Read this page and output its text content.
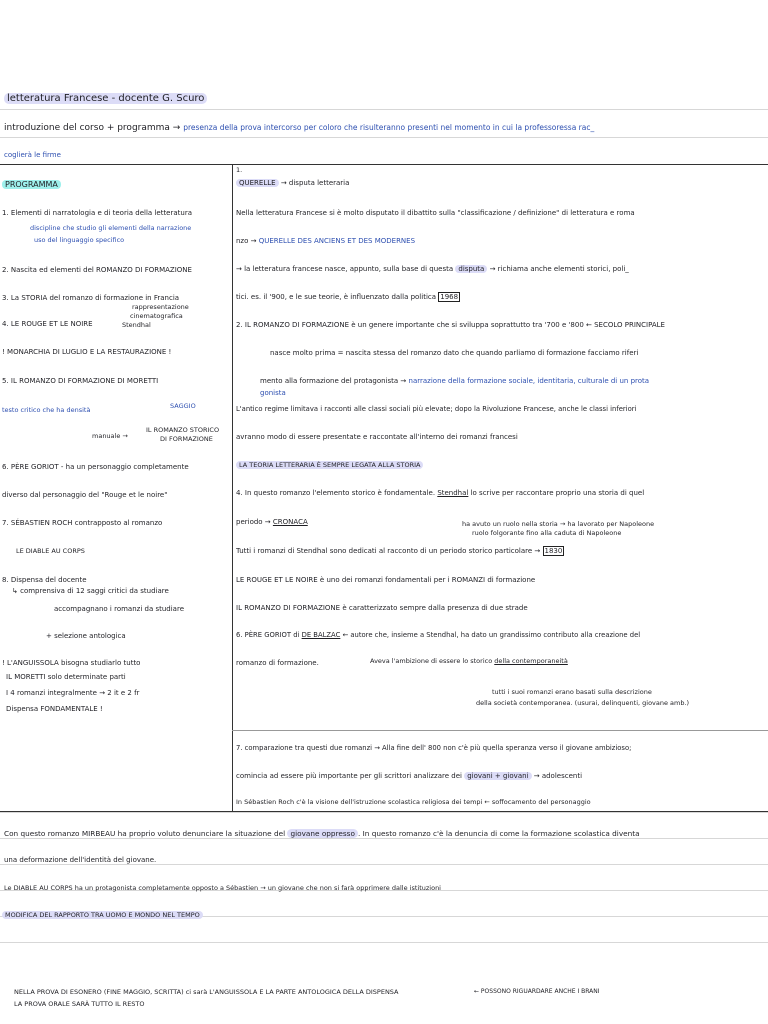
letteratura Francese - docente G. Scuro
introduzione del corso + programma → presenza della prova intercorso per coloro che risulteranno presenti nel momento in cui la professoressa rac_
coglierà le firme
PROGRAMMA
1. Elementi di narratologia e di teoria della letteratura
discipline che studio gli elementi della narrazione
uso del linguaggio specifico
2. Nascita ed elementi del ROMANZO DI FORMAZIONE
3. La STORIA del romanzo di formazione in Francia
rappresentazione
cinematografica
Stendhal
4. LE ROUGE ET LE NOIRE
! MONARCHIA DI LUGLIO E LA RESTAURAZIONE !
5. IL ROMANZO DI FORMAZIONE DI MORETTI
testo critico che ha densità	SAGGIO
manuale →
IL ROMANZO STORICO
DI FORMAZIONE
6. PÈRE GORIOT - ha un personaggio completamente
diverso dal personaggio del "Rouge et le noire"
7. SÉBASTIEN ROCH contrapposto al romanzo
LE DIABLE AU CORPS
8. Dispensa del docente
↳ comprensiva di 12 saggi critici da studiare
accompagnano i romanzi da studiare
+ selezione antologica
! L'ANGUISSOLA bisogna studiarlo tutto
IL MORETTI solo determinate parti
I 4 romanzi integralmente → 2 it e 2 fr
Dispensa FONDAMENTALE !
1.
QUERELLE → disputa letteraria
Nella letteratura Francese si è molto disputato il dibattito sulla "classificazione / definizione" di letteratura e roma
nzo → QUERELLE DES ANCIENS ET DES MODERNES
→ la letteratura francese nasce, appunto, sulla base di questa disputa → richiama anche elementi storici, poli_
tici. es. il '900, e le sue teorie, è influenzato dalla politica 1968
2. IL ROMANZO DI FORMAZIONE è un genere importante che si sviluppa soprattutto tra '700 e '800 ← SECOLO PRINCIPALE
nasce molto prima = nascita stessa del romanzo dato che quando parliamo di formazione facciamo riferi
mento alla formazione del protagonista → narrazione della formazione sociale, identitaria, culturale di un prota
gonista
L'antico regime limitava i racconti alle classi sociali più elevate; dopo la Rivoluzione Francese, anche le classi inferiori
avranno modo di essere presentate e raccontate all'interno dei romanzi francesi
LA TEORIA LETTERARIA È SEMPRE LEGATA ALLA STORIA
4. In questo romanzo l'elemento storico è fondamentale. Stendhal lo scrive per raccontare proprio una storia di quel
periodo → CRONACA	ha avuto un ruolo nella storia → ha lavorato per Napoleone
ruolo folgorante fino alla caduta di Napoleone
Tutti i romanzi di Stendhal sono dedicati al racconto di un periodo storico particolare → 1830
LE ROUGE ET LE NOIRE è uno dei romanzi fondamentali per i ROMANZI di formazione
IL ROMANZO DI FORMAZIONE è caratterizzato sempre dalla presenza di due strade
6. PÈRE GORIOT di DE BALZAC ← autore che, insieme a Stendhal, ha dato un grandissimo contributo alla creazione del
romanzo di formazione.	Aveva l'ambizione di essere lo storico della contemporaneità
tutti i suoi romanzi erano basati sulla descrizione
della società contemporanea. (usurai, delinquenti, giovane amb.)
7. comparazione tra questi due romanzi → Alla fine dell' 800 non c'è più quella speranza verso il giovane ambizioso;
comincia ad essere più importante per gli scrittori analizzare dei giovani + giovani → adolescenti
In Sébastien Roch c'è la visione dell'istruzione scolastica religiosa dei tempi ← soffocamento del personaggio
Con questo romanzo MIRBEAU ha proprio voluto denunciare la situazione del giovane oppresso . In questo romanzo c'è la denuncia di come la formazione scolastica diventa
una deformazione dell'identità del giovane.
Le DIABLE AU CORPS ha un protagonista completamente opposto a Sébastien → un giovane che non si farà opprimere dalle istituzioni
MODIFICA DEL RAPPORTO TRA UOMO E MONDO NEL TEMPO
NELLA PROVA DI ESONERO (FINE MAGGIO, SCRITTA) ci sarà L'ANGUISSOLA E LA PARTE ANTOLOGICA DELLA DISPENSA	← POSSONO RIGUARDARE ANCHE I BRANI
LA PROVA ORALE SARÀ TUTTO IL RESTO
